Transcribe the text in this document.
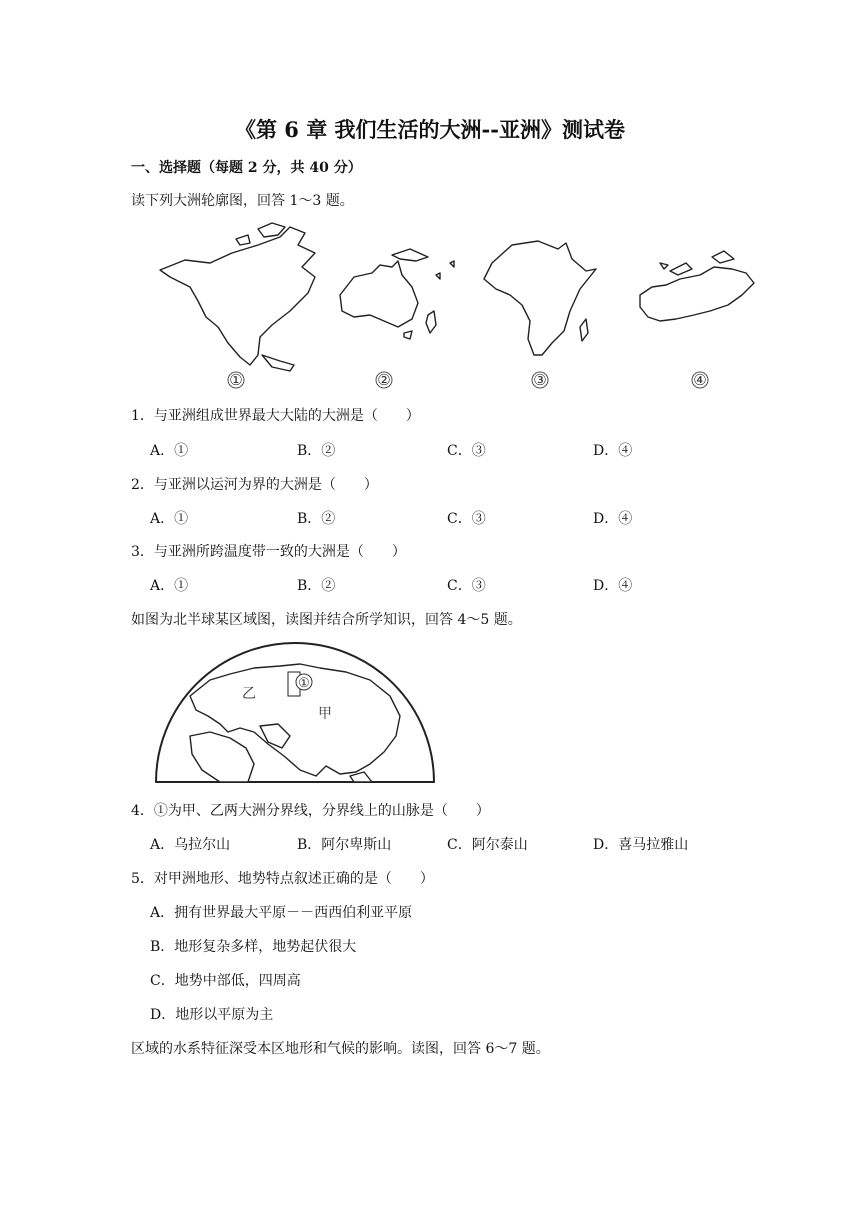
《第 6 章 我们生活的大洲--亚洲》测试卷
一、选择题（每题 2 分，共 40 分）
读下列大洲轮廓图，回答 1～3 题。
①	②	③	④
1．与亚洲组成世界最大大陆的大洲是（　　）
A．①	B．②	C．③	D．④
2．与亚洲以运河为界的大洲是（　　）
A．①	B．②	C．③	D．④
3．与亚洲所跨温度带一致的大洲是（　　）
A．①	B．②	C．③	D．④
如图为北半球某区域图，读图并结合所学知识，回答 4～5 题。
乙
甲
①
4．①为甲、乙两大洲分界线，分界线上的山脉是（　　）
A．乌拉尔山	B．阿尔卑斯山	C．阿尔泰山	D．喜马拉雅山
5．对甲洲地形、地势特点叙述正确的是（　　）
A．拥有世界最大平原－－西西伯利亚平原
B．地形复杂多样，地势起伏很大
C．地势中部低，四周高
D．地形以平原为主
区域的水系特征深受本区地形和气候的影响。读图，回答 6～7 题。
